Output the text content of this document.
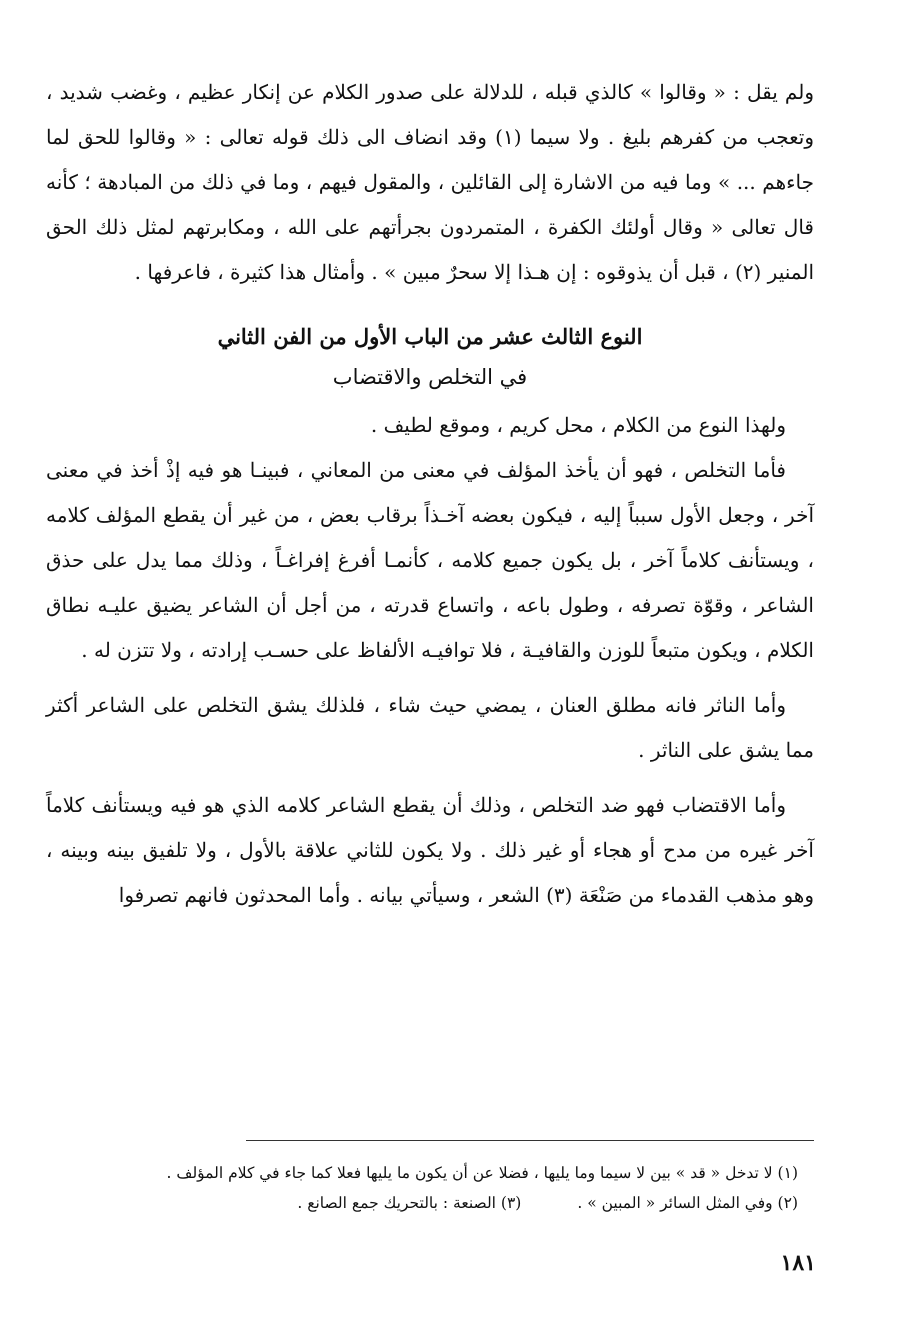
ولم يقل : « وقالوا » كالذي قبله ، للدلالة على صدور الكلام عن إنكار عظيم ، وغضب شديد ، وتعجب من كفرهم بليغ . ولا سيما (١) وقد انضاف الى ذلك قوله تعالى : « وقالوا للحق لما جاءهم ... » وما فيه من الاشارة إلى القائلين ، والمقول فيهم ، وما في ذلك من المبادهة ؛ كأنه قال تعالى « وقال أولئك الكفرة ، المتمردون بجرأتهم على الله ، ومكابرتهم لمثل ذلك الحق المنير (٢) ، قبل أن يذوقوه : إن هـذا إلا سحرٌ مبين » . وأمثال هذا كثيرة ، فاعرفها .

النوع الثالث عشر من الباب الأول من الفن الثاني
في التخلص والاقتضاب

ولهذا النوع من الكلام ، محل كريم ، وموقع لطيف .

فأما التخلص ، فهو أن يأخذ المؤلف في معنى من المعاني ، فبينـا هو فيه إذْ أخذ في معنى آخر ، وجعل الأول سبباً إليه ، فيكون بعضه آخـذاً برقاب بعض ، من غير أن يقطع المؤلف كلامه ، ويستأنف كلاماً آخر ، بل يكون جميع كلامه ، كأنمـا أفرغ إفراغـاً ، وذلك مما يدل على حذق الشاعر ، وقوّة تصرفه ، وطول باعه ، واتساع قدرته ، من أجل أن الشاعر يضيق عليـه نطاق الكلام ، ويكون متبعاً للوزن والقافيـة ، فلا توافيـه الألفاظ على حسـب إرادته ، ولا تتزن له .

وأما الناثر فانه مطلق العنان ، يمضي حيث شاء ، فلذلك يشق التخلص على الشاعر أكثر مما يشق على الناثر .

وأما الاقتضاب فهو ضد التخلص ، وذلك أن يقطع الشاعر كلامه الذي هو فيه ويستأنف كلاماً آخر غيره من مدح أو هجاء أو غير ذلك . ولا يكون للثاني علاقة بالأول ، ولا تلفيق بينه وبينه ، وهو مذهب القدماء من صَنْعَة (٣) الشعر ، وسيأتي بيانه . وأما المحدثون فانهم تصرفوا

(١) لا تدخل « قد » بين لا سيما وما يليها ، فضلا عن أن يكون ما يليها فعلا كما جاء في كلام المؤلف .
(٢) وفي المثل السائر « المبين » .(٣) الصنعة : بالتحريك جمع الصانع .
١٨١
